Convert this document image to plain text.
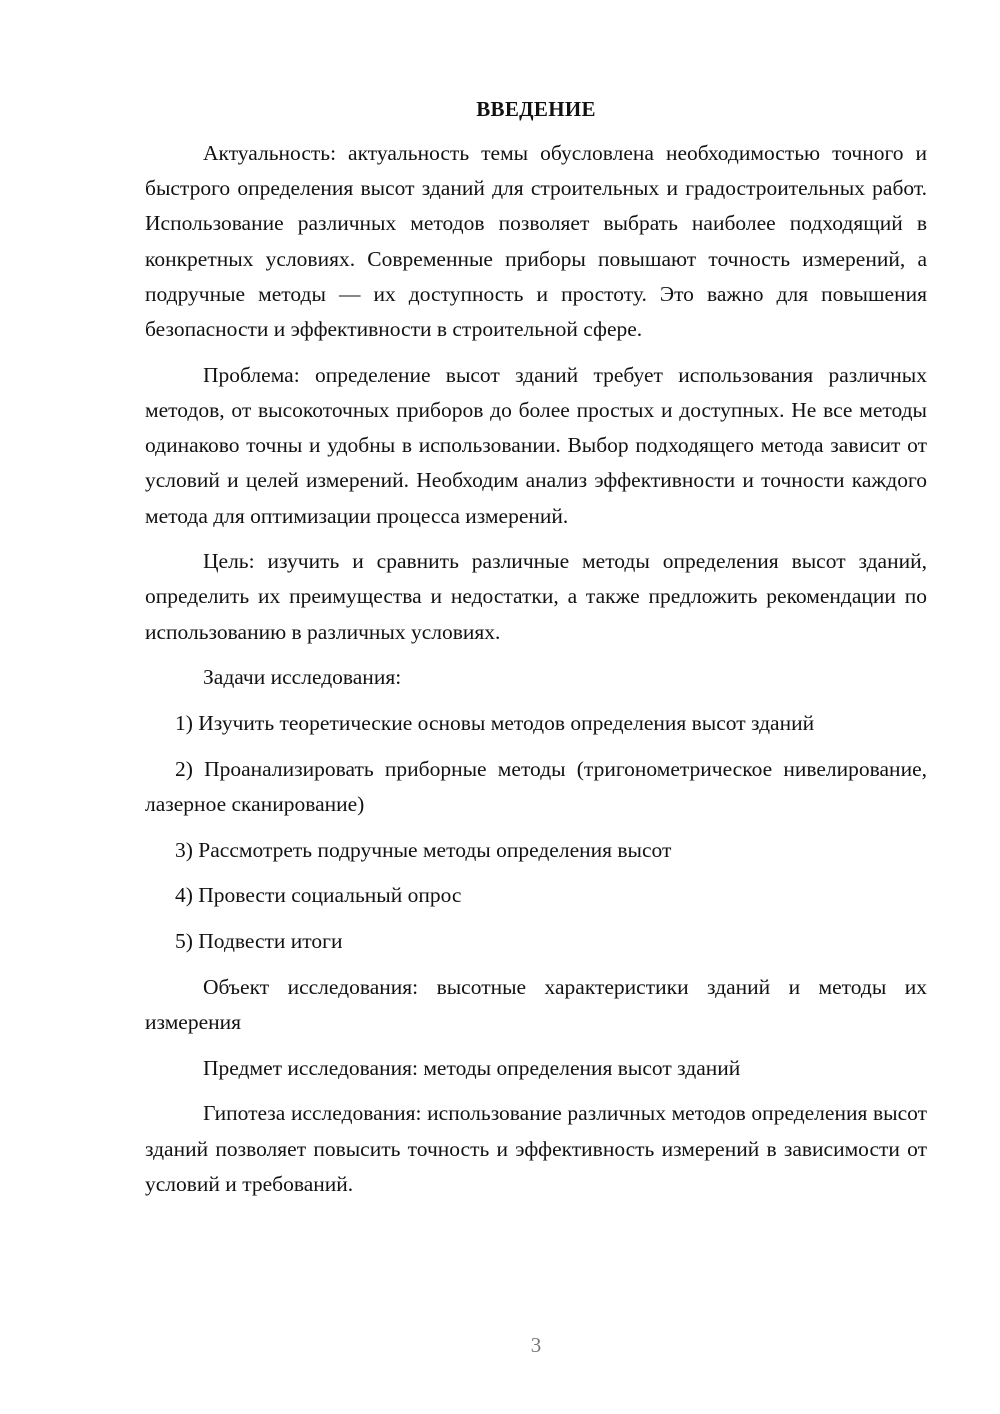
ВВЕДЕНИЕ

Актуальность: актуальность темы обусловлена необходимостью точного и быстрого определения высот зданий для строительных и градостроительных работ. Использование различных методов позволяет выбрать наиболее подходящий в конкретных условиях. Современные приборы повышают точность измерений, а подручные методы — их доступность и простоту. Это важно для повышения безопасности и эффективности в строительной сфере.

Проблема: определение высот зданий требует использования различных методов, от высокоточных приборов до более простых и доступных. Не все методы одинаково точны и удобны в использовании. Выбор подходящего метода зависит от условий и целей измерений. Необходим анализ эффективности и точности каждого метода для оптимизации процесса измерений.

Цель: изучить и сравнить различные методы определения высот зданий, определить их преимущества и недостатки, а также предложить рекомендации по использованию в различных условиях.

Задачи исследования:

1) Изучить теоретические основы методов определения высот зданий

2) Проанализировать приборные методы (тригонометрическое нивелирование, лазерное сканирование)

3) Рассмотреть подручные методы определения высот

4) Провести социальный опрос

5) Подвести итоги

Объект исследования: высотные характеристики зданий и методы их измерения

Предмет исследования: методы определения высот зданий

Гипотеза исследования: использование различных методов определения высот зданий позволяет повысить точность и эффективность измерений в зависимости от условий и требований.

3
